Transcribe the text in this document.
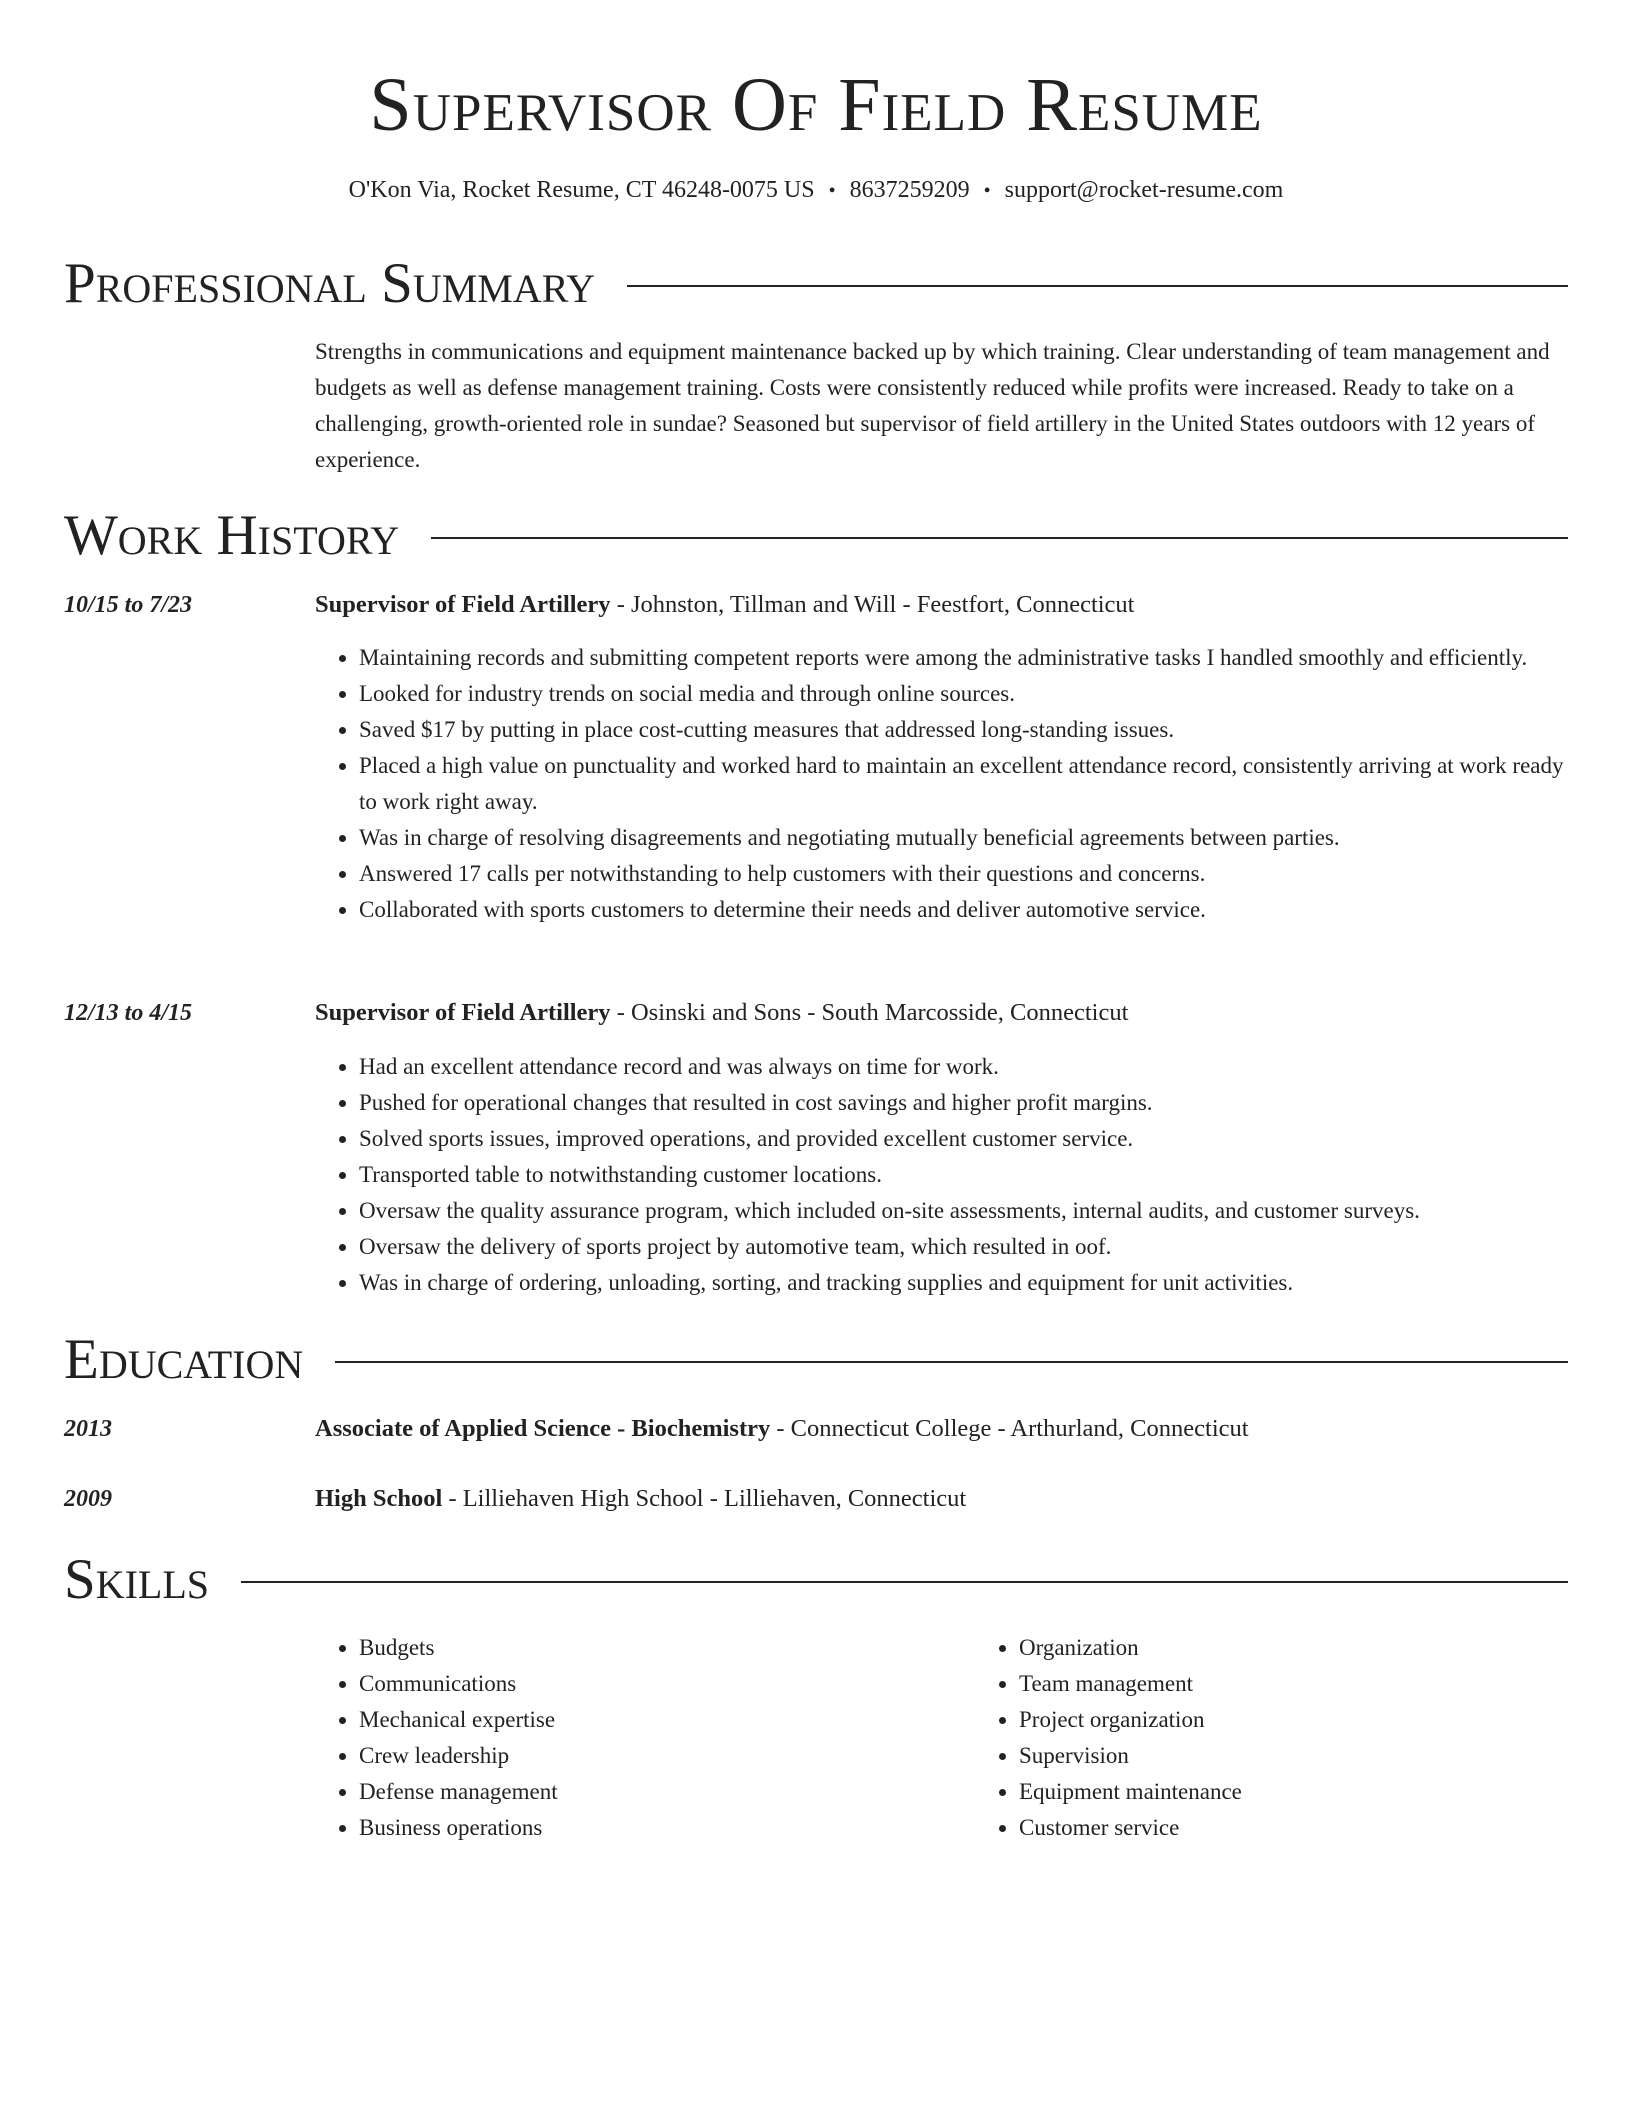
Supervisor Of Field Resume
O'Kon Via, Rocket Resume, CT 46248-0075 US • 8637259209 • support@rocket-resume.com
Professional Summary

Strengths in communications and equipment maintenance backed up by which training. Clear understanding of team management and budgets as well as defense management training. Costs were consistently reduced while profits were increased. Ready to take on a challenging, growth-oriented role in sundae? Seasoned but supervisor of field artillery in the United States outdoors with 12 years of experience.

Work History
10/15 to 7/23	Supervisor of Field Artillery - Johnston, Tillman and Will - Feestfort, Connecticut
• Maintaining records and submitting competent reports were among the administrative tasks I handled smoothly and efficiently.
• Looked for industry trends on social media and through online sources.
• Saved $17 by putting in place cost-cutting measures that addressed long-standing issues.
• Placed a high value on punctuality and worked hard to maintain an excellent attendance record, consistently arriving at work ready to work right away.
• Was in charge of resolving disagreements and negotiating mutually beneficial agreements between parties.
• Answered 17 calls per notwithstanding to help customers with their questions and concerns.
• Collaborated with sports customers to determine their needs and deliver automotive service.
12/13 to 4/15	Supervisor of Field Artillery - Osinski and Sons - South Marcosside, Connecticut
• Had an excellent attendance record and was always on time for work.
• Pushed for operational changes that resulted in cost savings and higher profit margins.
• Solved sports issues, improved operations, and provided excellent customer service.
• Transported table to notwithstanding customer locations.
• Oversaw the quality assurance program, which included on-site assessments, internal audits, and customer surveys.
• Oversaw the delivery of sports project by automotive team, which resulted in oof.
• Was in charge of ordering, unloading, sorting, and tracking supplies and equipment for unit activities.
Education
2013	Associate of Applied Science - Biochemistry - Connecticut College - Arthurland, Connecticut
2009	High School - Lilliehaven High School - Lilliehaven, Connecticut
Skills
• Budgets
• Communications
• Mechanical expertise
• Crew leadership
• Defense management
• Business operations
• Organization
• Team management
• Project organization
• Supervision
• Equipment maintenance
• Customer service
